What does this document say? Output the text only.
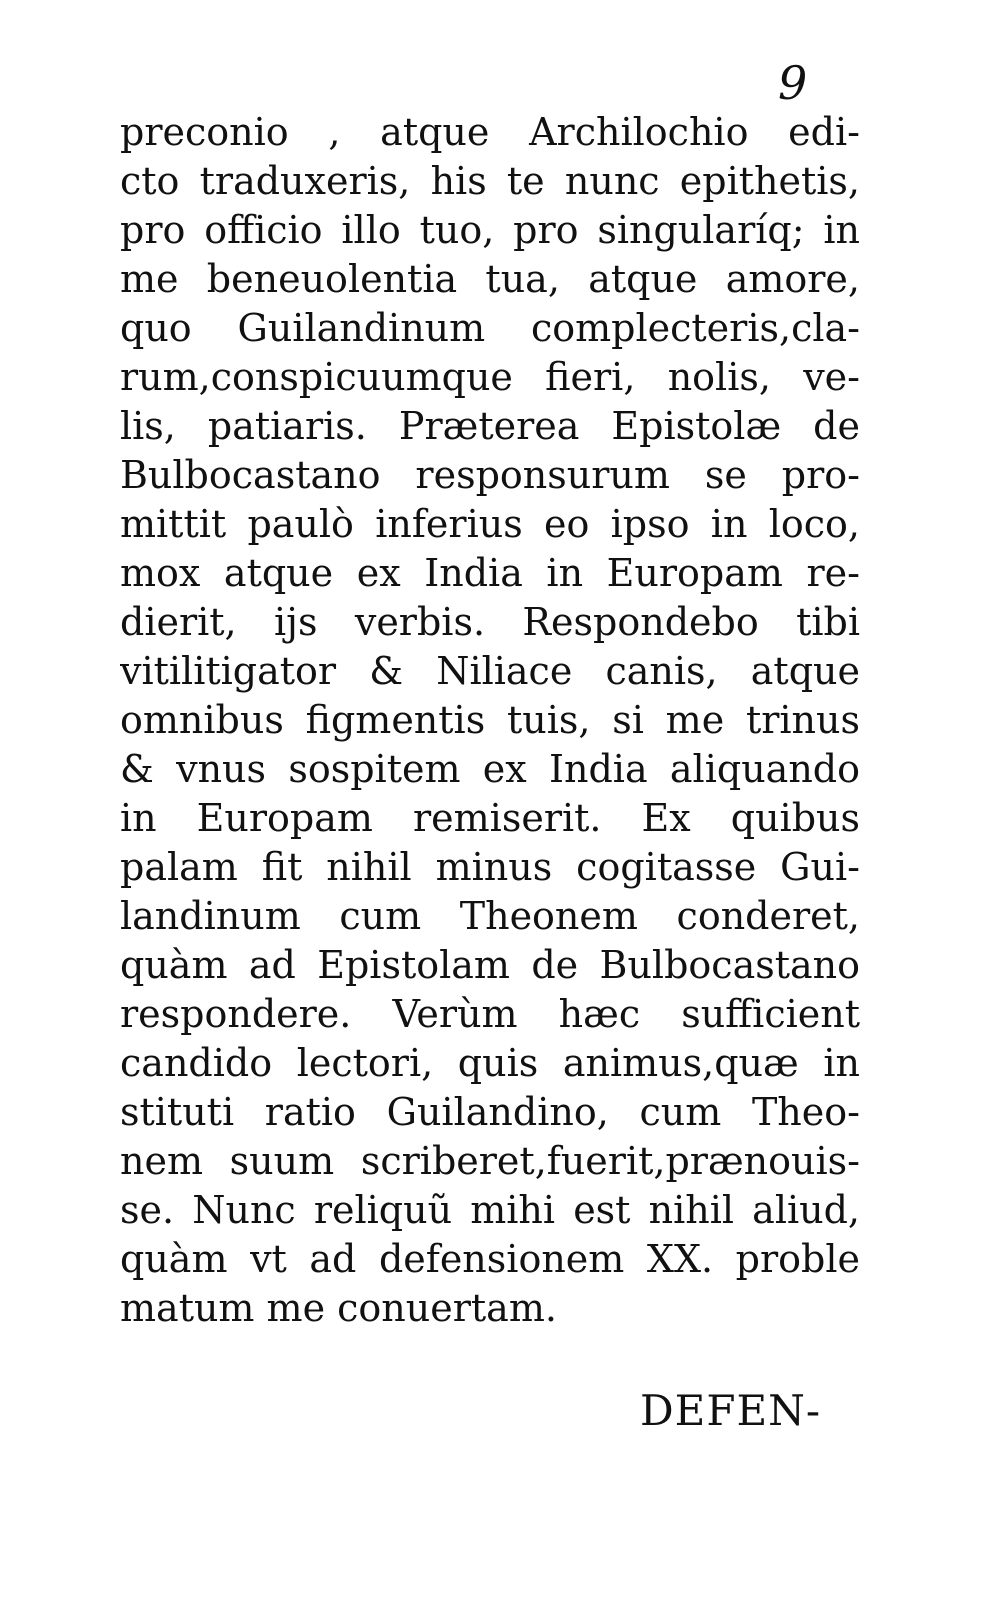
9
preconio , atque Archilochio edi-
cto traduxeris, his te nunc epithetis,
pro officio illo tuo, pro singularíq; in
me beneuolentia tua, atque amore,
quo Guilandinum complecteris,cla-
rum,conspicuumque fieri, nolis, ve-
lis, patiaris. Præterea Epistolæ de
Bulbocastano responsurum se pro-
mittit paulò inferius eo ipso in loco,
mox atque ex India in Europam re-
dierit, ijs verbis. Respondebo tibi
vitilitigator & Niliace canis, atque
omnibus figmentis tuis, si me trinus
& vnus sospitem ex India aliquando
in Europam remiserit. Ex quibus
palam fit nihil minus cogitasse Gui-
landinum cum Theonem conderet,
quàm ad Epistolam de Bulbocastano
respondere. Verùm hæc sufficient
candido lectori, quis animus,quæ in
stituti ratio Guilandino, cum Theo-
nem suum scriberet,fuerit,prænouis-
se. Nunc reliquũ mihi est nihil aliud,
quàm vt ad defensionem XX. proble
matum me conuertam.
DEFEN-
